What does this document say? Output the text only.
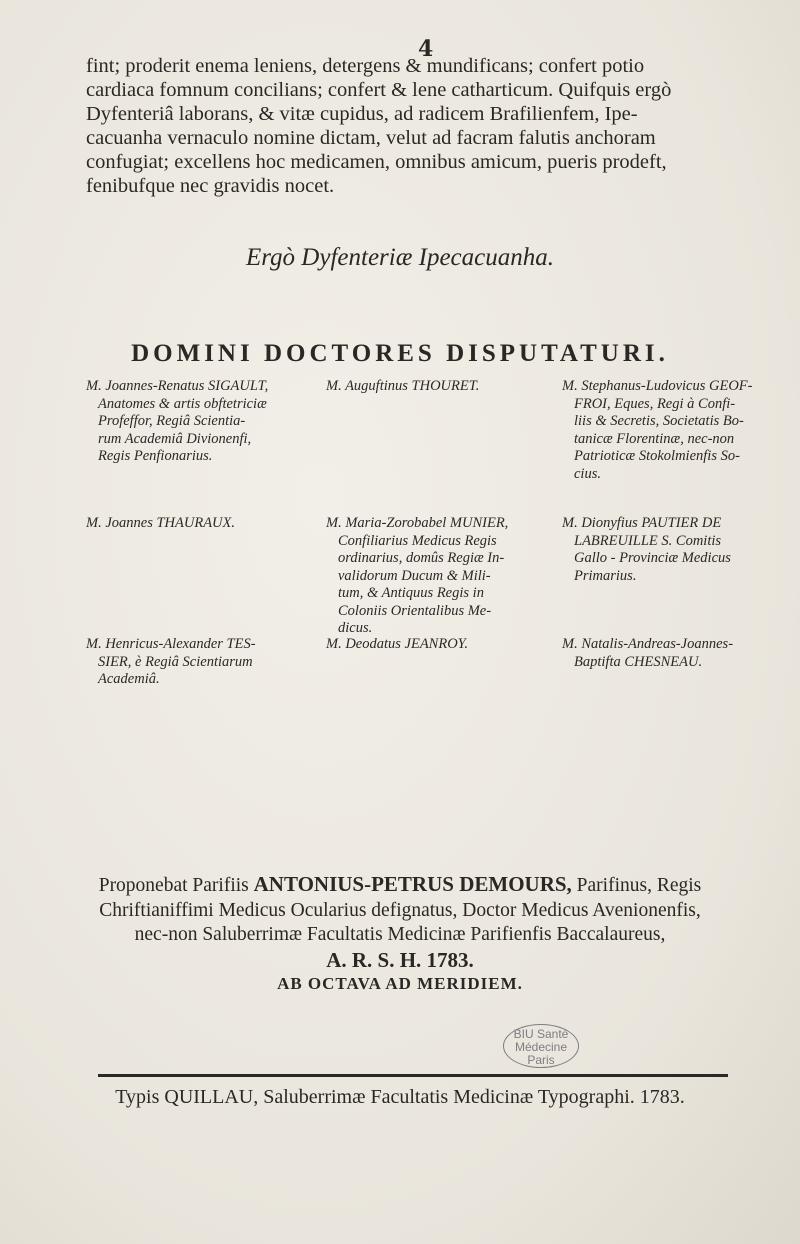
4

fint; proderit enema leniens, detergens & mundificans; confert potio
cardiaca fomnum concilians; confert & lene catharticum. Quifquis ergò
Dyfenteriâ laborans, & vitæ cupidus, ad radicem Brafilienfem, Ipe-
cacuanha vernaculo nomine dictam, velut ad facram falutis anchoram
confugiat; excellens hoc medicamen, omnibus amicum, pueris prodeft,
fenibufque nec gravidis nocet.

Ergò Dyfenteriæ Ipecacuanha.
DOMINI DOCTORES DISPUTATURI.
M. Joannes-Renatus SIGAULT,
Anatomes & artis obftetriciæ
Profeffor, Regiâ Scientia-
rum Academiâ Divionenfi,
Regis Penfionarius.
M. Joannes THAURAUX.
M. Henricus-Alexander TES-
SIER, è Regiâ Scientiarum
Academiâ.
M. Auguftinus THOURET.
M. Maria-Zorobabel MUNIER,
Confiliarius Medicus Regis
ordinarius, domûs Regiæ In-
validorum Ducum & Mili-
tum, & Antiquus Regis in
Coloniis Orientalibus Me-
dicus.
M. Deodatus JEANROY.
M. Stephanus-Ludovicus GEOF-
FROI, Eques, Regi à Confi-
liis & Secretis, Societatis Bo-
tanicæ Florentinæ, nec-non
Patrioticæ Stokolmienfis So-
cius.
M. Dionyfius PAUTIER DE
LABREUILLE S. Comitis
Gallo - Provinciæ Medicus
Primarius.
M. Natalis-Andreas-Joannes-
Baptifta CHESNEAU.
Proponebat Parifiis ANTONIUS-PETRUS DEMOURS, Parifinus, Regis
Chriftianiffimi Medicus Ocularius defignatus, Doctor Medicus Avenionenfis,
nec-non Saluberrimæ Facultatis Medicinæ Parifienfis Baccalaureus,
A. R. S. H. 1783.
AB OCTAVA AD MERIDIEM.
BIU Santé
Médecine
Paris
Typis QUILLAU, Saluberrimæ Facultatis Medicinæ Typographi. 1783.
